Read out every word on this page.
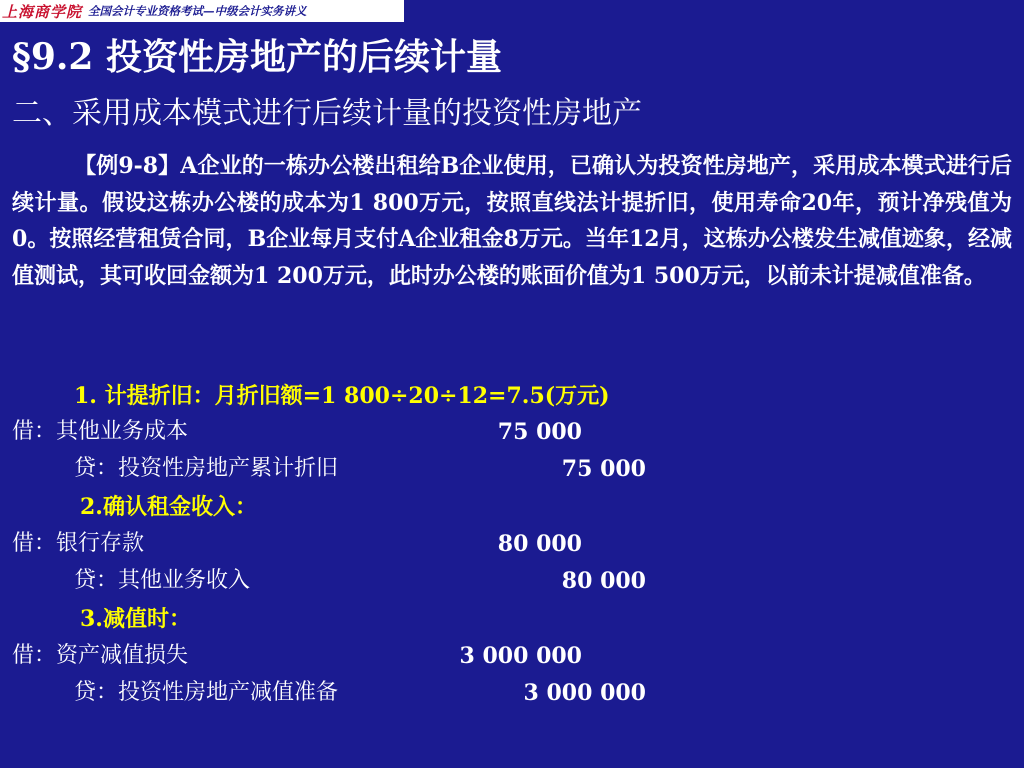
上海商学院 全国会计专业资格考试—中级会计实务讲义
§9.2 投资性房地产的后续计量
二、采用成本模式进行后续计量的投资性房地产
【例9-8】A企业的一栋办公楼出租给B企业使用，已确认为投资性房地产，采用成本模式进行后续计量。假设这栋办公楼的成本为1 800万元，按照直线法计提折旧，使用寿命20年，预计净残值为0。按照经营租赁合同，B企业每月支付A企业租金8万元。当年12月，这栋办公楼发生减值迹象，经减值测试，其可收回金额为1 200万元，此时办公楼的账面价值为1 500万元，以前未计提减值准备。
1. 计提折旧：月折旧额=1 800÷20÷12=7.5(万元)
借：其他业务成本	75 000
贷：投资性房地产累计折旧	75 000
2.确认租金收入：
借：银行存款	80 000
贷：其他业务收入	80 000
3.减值时：
借：资产减值损失	3 000 000
贷：投资性房地产减值准备	3 000 000
